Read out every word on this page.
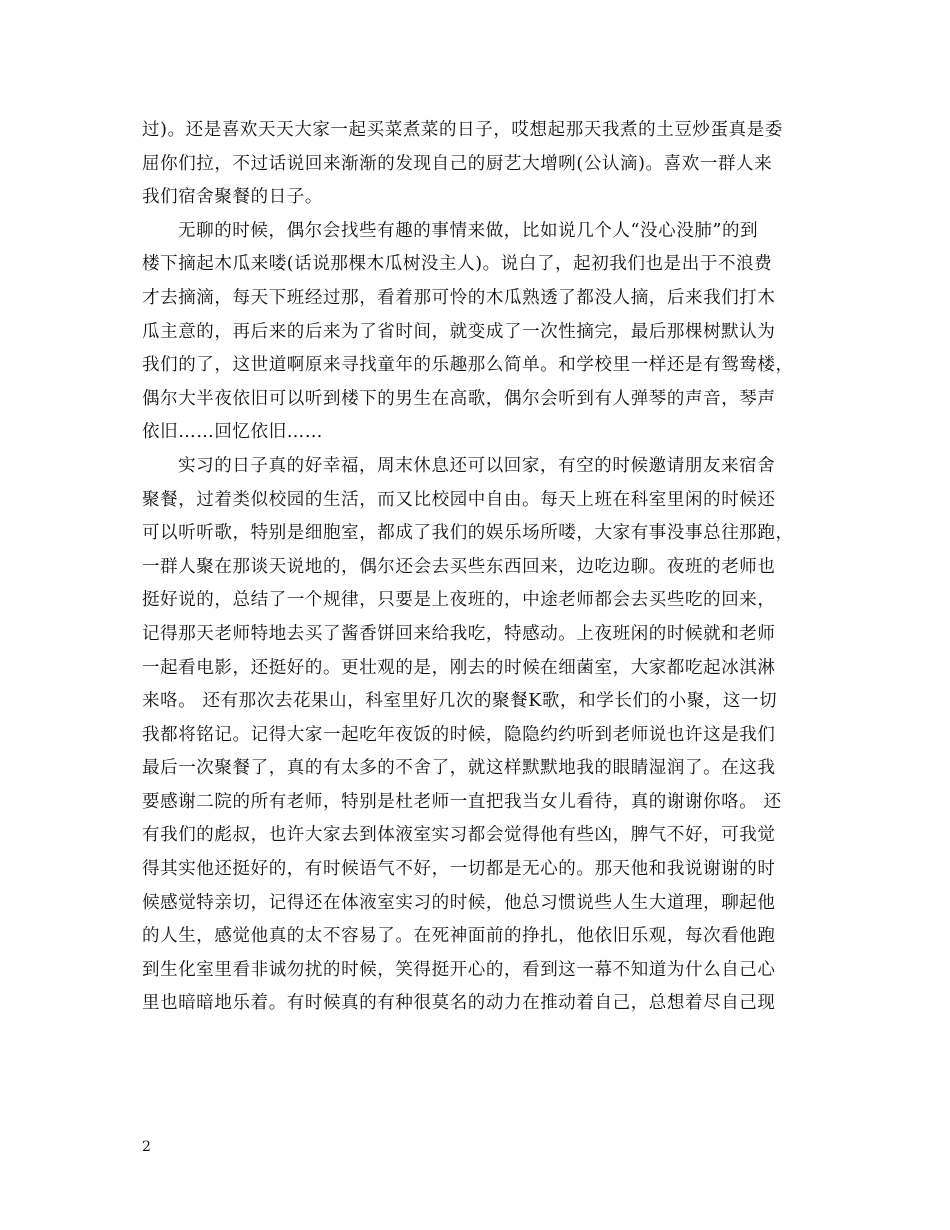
过)。还是喜欢天天大家一起买菜煮菜的日子，哎想起那天我煮的土豆炒蛋真是委
屈你们拉，不过话说回来渐渐的发现自己的厨艺大增咧(公认滴)。喜欢一群人来
我们宿舍聚餐的日子。
无聊的时候，偶尔会找些有趣的事情来做，比如说几个人“没心没肺”的到
楼下摘起木瓜来喽(话说那棵木瓜树没主人)。说白了，起初我们也是出于不浪费
才去摘滴，每天下班经过那，看着那可怜的木瓜熟透了都没人摘，后来我们打木
瓜主意的，再后来的后来为了省时间，就变成了一次性摘完，最后那棵树默认为
我们的了，这世道啊原来寻找童年的乐趣那么简单。和学校里一样还是有鸳鸯楼，
偶尔大半夜依旧可以听到楼下的男生在高歌，偶尔会听到有人弹琴的声音，琴声
依旧……回忆依旧……
实习的日子真的好幸福，周末休息还可以回家，有空的时候邀请朋友来宿舍
聚餐，过着类似校园的生活，而又比校园中自由。每天上班在科室里闲的时候还
可以听听歌，特别是细胞室，都成了我们的娱乐场所喽，大家有事没事总往那跑，
一群人聚在那谈天说地的，偶尔还会去买些东西回来，边吃边聊。夜班的老师也
挺好说的，总结了一个规律，只要是上夜班的，中途老师都会去买些吃的回来，
记得那天老师特地去买了酱香饼回来给我吃，特感动。上夜班闲的时候就和老师
一起看电影，还挺好的。更壮观的是，刚去的时候在细菌室，大家都吃起冰淇淋
来咯。 还有那次去花果山，科室里好几次的聚餐K歌，和学长们的小聚，这一切
我都将铭记。记得大家一起吃年夜饭的时候，隐隐约约听到老师说也许这是我们
最后一次聚餐了，真的有太多的不舍了，就这样默默地我的眼睛湿润了。在这我
要感谢二院的所有老师，特别是杜老师一直把我当女儿看待，真的谢谢你咯。 还
有我们的彪叔，也许大家去到体液室实习都会觉得他有些凶，脾气不好，可我觉
得其实他还挺好的，有时候语气不好，一切都是无心的。那天他和我说谢谢的时
候感觉特亲切，记得还在体液室实习的时候，他总习惯说些人生大道理，聊起他
的人生，感觉他真的太不容易了。在死神面前的挣扎，他依旧乐观，每次看他跑
到生化室里看非诚勿扰的时候，笑得挺开心的，看到这一幕不知道为什么自己心
里也暗暗地乐着。有时候真的有种很莫名的动力在推动着自己，总想着尽自己现
2
